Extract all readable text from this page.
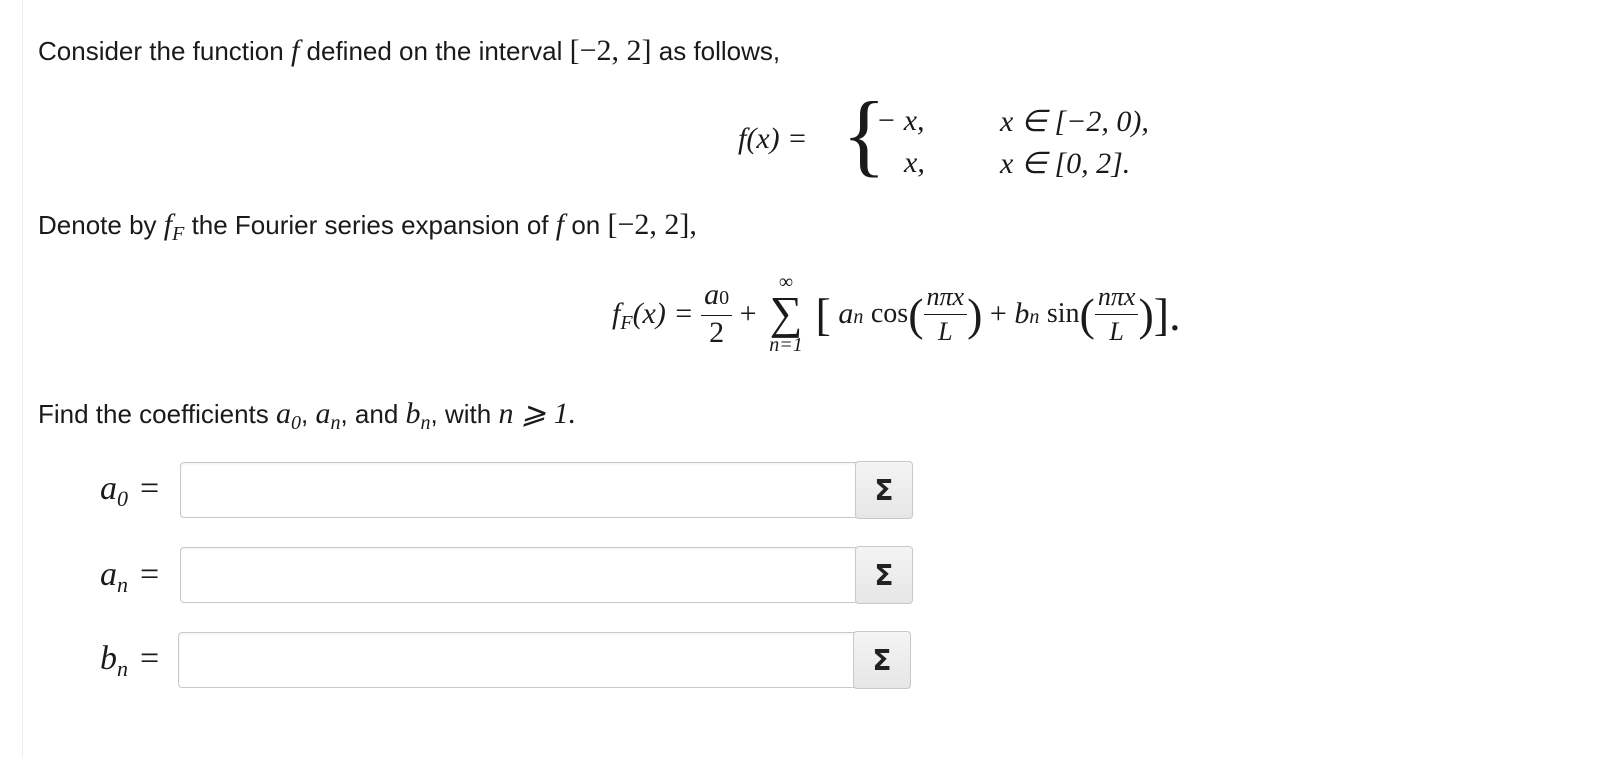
Consider the function f defined on the interval [−2, 2] as follows,
f(x) = {
− x,	x ∈ [−2, 0),
x,	x ∈ [0, 2].
Denote by $f_F$ the Fourier series expansion of f on [−2, 2],
$f_F(x) = \frac{a0}{2}$ +
∞
∑
n=1
[ an $\cos( \frac{\text{nπx}}{L}$ ) + bn $\sin( \frac{\text{nπx}}{L}$ )].
Find the coefficients $a_0$, $a_n$, and $b_n$, with n ⩾ 1.
$a_0$ =	Σ
$a_n$ =	Σ
$b_n$ =	Σ
